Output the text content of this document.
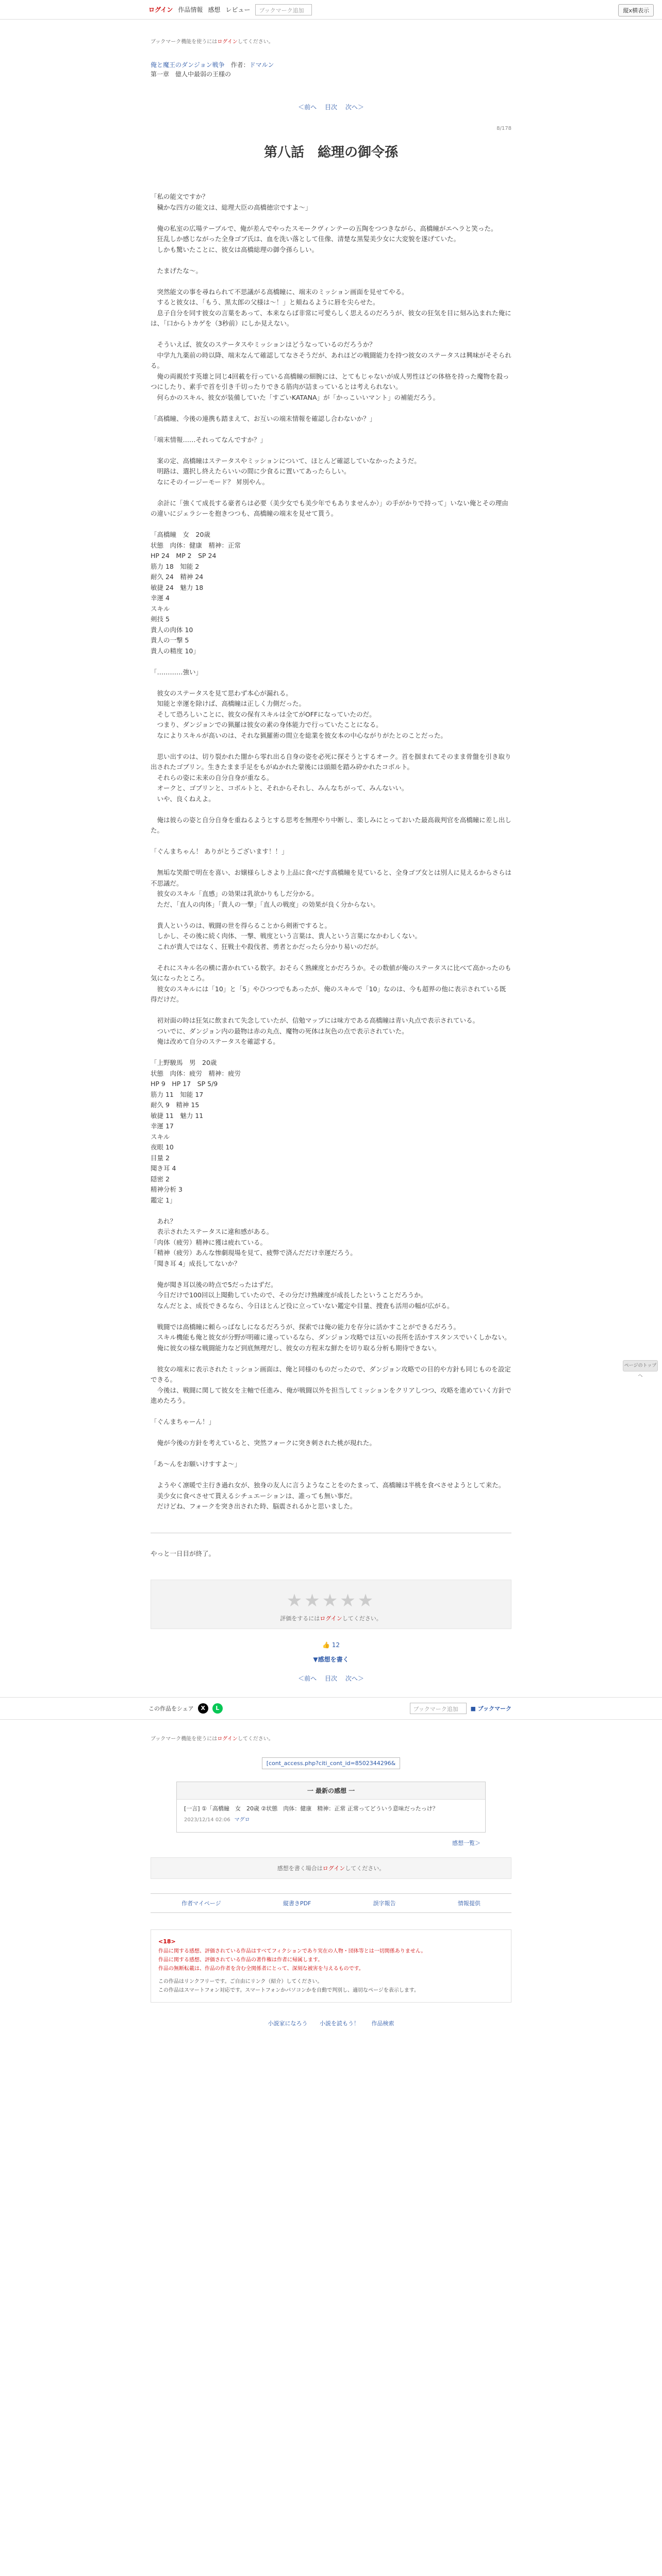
ログイン 作品情報 感想 レビュー	ブックマーク追加	縦x横表示

ブックマーク機能を使うにはログインしてください。

俺と魔王のダンジョン戦争　 作者：ドマルン
第一章　億人中最弱の王様の
＜前へ 目次 次へ＞
8/178
第八話　総理の御令孫

「私の能文ですか？

　穢かな四方の能文は、総理大臣の高橋徳宗ですよ〜」

　俺の私室の広場テーブルで、俺が差んでやったスモークヴィンテーの五陶をつつきながら、高橋瞳がエヘラと笑った。

　狂乱しか感じながった全身ゴブ氏は、血を洗い落として佳像、清楚な黒髪美少女に大変貌を遂げていた。

　しかも驚いたことに、彼女は高橋総理の御令孫らしい。

　たまげたな〜。

　突然能文の事を尋ねられて不思議がる高橋瞳に、端末のミッション画面を見せてやる。

　すると彼女は、「もう、黒太郎の父様は〜！」と頬ねるように唇を尖らせた。

　息子自分を同す彼女の言葉をあって、本来ならば非常に可愛らしく思えるのだろうが、彼女の狂気を目に刻み込まれた俺には、「口からトカゲを（3秒前）にしか見えない。

　そういえば、彼女のステータスやミッションはどうなっているのだろうか？

　中学九九薬前の時以降、端末なんて確認してなさそうだが、あれほどの戦闘能力を持つ彼女のステータスは興味がそそられる。

　俺の両親於す英雄と同じ4回載を行っている高橋瞳の細腕には、とてもじゃないが成人男性ほどの体格を持った魔物を殺っつにしたり、素手で首を引き千切ったりできる筋肉が詰まっているとは考えられない。

　何らかのスキル、彼女が装備していた「すごいKATANA」が「かっこいいマント」の補能だろう。

「高橋瞳、今後の連携も踏まえて、お互いの端末情報を確認し合わないか？」

「端末情報……それってなんですか？」

　案の定、高橋瞳はステータスやミッションについて、ほとんど確認していなかったようだ。

　明路は、選択し終えたらいいの間に少食るに置いてあったらしい。

　なにそのイージーモード？ 昇別やん。

　余計に「強くて成長する豪者らは必要（美少女でも美少年でもありませんか）」の手がかりで持って」いない俺とその理由の違いにジェラシーを抱きつつも、高橋瞳の端末を見せて貰う。

「高橋瞳　女　20歳

状態　肉体：健康　精神：正常

HP 24　MP 2　SP 24

筋力 18　知能 2

耐久 24　精神 24

敏捷 24　魅力 18

幸運 4

スキル

剣技 5

貴人の肉体 10

貴人の一撃 5

貴人の精度 10」

「…………強い」

　彼女のステータスを見て思わず本心が漏れる。

　知能と幸運を除けば、高橋瞳は正しく力側だった。

　そして恐ろしいことに、彼女の保有スキルは全てがOFFになっていたのだ。

　つまり、ダンジョンでの猟羅は彼女の素の身体能力で行っていたことになる。

　なによりスキルが高いのは、それな猟羅術の間立を総業を彼女本の中心ながりがたとのことだった。

　思い出すのは、切り裂かれた闇から零れ出る自身の姿を必死に探そうとするオーク。首を掴まれてそのまま骨盤を引き取り出されたゴブリン。生きたまま手足をもがぬかれた蒙後には頭顔を踏み砕かれたコボルト。

　それらの姿に未来の自分自身が重なる。

　オークと、ゴブリンと、コボルトと、それからそれし、みんなちがって、みんないい。

　いや、良くねえよ。

　俺は彼らの姿と自分自身を重ねるようとする思考を無理やり中断し、楽しみにとっておいた最高裁判官を高橋瞳に差し出した。

「ぐんまちゃん！ ありがとうございます！！」

　無垢な笑顔で明在を喜い、お嬢様らしさより上品に食べだす高橋瞳を見ていると、全身ゴブ女とは別人に見えるからさらは不思議だ。

　彼女のスキル「直感」の効果は乳欲かりもしだ分かる。

　ただ、「直人の肉体」「貴人の一撃」「直人の戦度」の効果が良く分からない。

　貴人というのは、戦闘の世を得らることから剣術ですると。

　しかし、その後に続く肉体、一撃、戦度という言葉は、貴人という言葉になかわしくない。

　これが貴人ではなく、狂戦士や殺伐者、勇者とかだったら分かり易いのだが。

　それにスキル名の横に書かれている数字。おそらく熟練度とかだろうか。その数値が俺のステータスに比べて高かったのも気になったところ。

　彼女のスキルには「10」と「5」やひつつでもあったが、俺のスキルで「10」なのは、今も超界の他に表示されている既得だけだ。

　初対面の時は狂気に飲まれて失念していたが、信勉マップには味方である高橋瞳は青い丸点で表示されている。

　ついでに、ダンジョン内の最物は赤の丸点、魔物の死体は灰色の点で表示されていた。

　俺は改めて自分のステータスを確認する。

「上野駿馬　男　20歳

状態　肉体：疲労　精神：疲労

HP 9　HP 17　SP 5/9

筋力 11　知能 17

耐久 9　精神 15

敏捷 11　魅力 11

幸運 17

スキル

夜眼 10

目量 2

聞き耳 4

隠密 2

精神分析 3

鑑定 1」

　あれ？

　表示されたステータスに違和感がある。

「肉体（疲労）精神に獲は疲れている。

「精神（疲労）あんな惨劇現場を見て、疲弊で済んだだけ幸運だろう。

「聞き耳 4」成長してないか？

　俺が聞き耳以後の時点で5だったはずだ。

　今日だけで100回以上聞動していたので、その分だけ熟練度が成長したということだろうか。

　なんだとよ、成長できるなら、今日ほとんど役に立っていない鑑定や目量、捜査も活用の幅が広がる。

　戦闘では高橋瞳に頼らっばなしになるだろうが、探索では俺の能力を存分に活かすことができるだろう。

　スキル機能も俺と彼女が分野が明確に違っているなら、ダンジョン攻略では互いの長所を活かすスタンスでいくしかない。

　俺に彼女の様な戦闘能力など到底無理だし、彼女の方程末な鮮たを切り取る分析も期待できない。

　彼女の端末に表示されたミッション画面は、俺と同様のものだったので、ダンジョン攻略での目的や方針も同じものを設定できる。

　今後は、戦闘に関して彼女を主軸で任進み、俺が戦闘以外を担当してミッションをクリアしつつ、攻略を進めていく方針で進めたろう。

「ぐんまちゃーん！」

　俺が今後の方針を考えていると、突然フォークに突き刺された桃が現れた。

「あ〜んをお願いけすすよ〜」

　ようやく凛暖で主行き過れ女が、独身の友人に言うようなことをのたまって、高橋瞳は半桃を食べさせようとして来た。

　美少女に食べさせて貰えるシチュエーションは、誰っても無い事だ。

　だけどね、フォークを突き出された時、脳震されるかと思いました。

やっと一日目が終了。

★★★★★

評価をするにはログインしてください。

👍 12
▼感想を書く
＜前へ 目次 次へ＞
この作品をシェア	X	L	ブックマーク追加	■ ブックマーク

ブックマーク機能を使うにはログインしてください。

[cont_access.php?citi_cont_id=8502344296&
一 最新の感想 一
[一言] ①「高橋瞳　女　20歳 ②状態　肉体：健康　精神：正常 正常ってどういう意味だったっけ？
2023/12/14 02:06 マグロ
感想一覧＞

感想を書く場合はログインしてください。

作者マイページ	縦書きPDF	誤字報告	情報提供
<18>
作品に関する感想、評価されている作品はすべてフィクションであり実在の人物・団体等とは一切関係ありません。
作品に関する感想、評価されている作品の著作権は作者に帰属します。
作品の無断転載は、作品の作者を含む全関係者にとって、深刻な被害を与えるものです。
この作品はリンクフリーです。ご自由にリンク（紹介）してください。
この作品はスマートフォン対応です。スマートフォンかパソコンかを自動で判別し、適切なページを表示します。
小説家になろう 小説を読もう！ 作品検索
ページのトップへ
